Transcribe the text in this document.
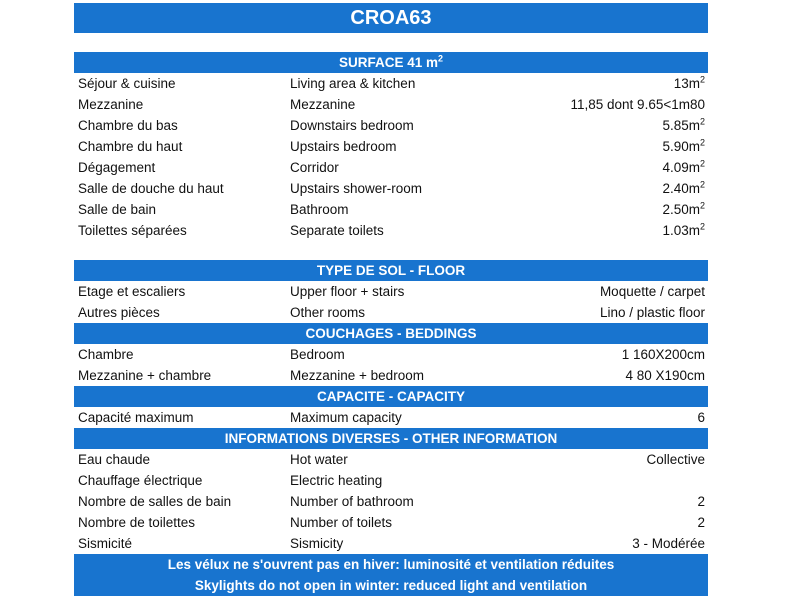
CROA63
SURFACE 41 $m^2$
Séjour & cuisine	Living area & kitchen	$13m^2$
Mezzanine	Mezzanine	11,85 dont 9.65<1m80
Chambre du bas	Downstairs bedroom	$5.85m^2$
Chambre du haut	Upstairs bedroom	$5.90m^2$
Dégagement	Corridor	$4.09m^2$
Salle de douche du haut	Upstairs shower-room	$2.40m^2$
Salle de bain	Bathroom	$2.50m^2$
Toilettes séparées	Separate toilets	$1.03m^2$
TYPE DE SOL - FLOOR
Etage et escaliers	Upper floor + stairs	Moquette / carpet
Autres pièces	Other rooms	Lino / plastic floor
COUCHAGES - BEDDINGS
Chambre	Bedroom	1 160X200cm
Mezzanine + chambre	Mezzanine + bedroom	4 80 X190cm
CAPACITE - CAPACITY
Capacité maximum	Maximum capacity	6
INFORMATIONS DIVERSES - OTHER INFORMATION
Eau chaude	Hot water	Collective
Chauffage électrique	Electric heating
Nombre de salles de bain	Number of bathroom	2
Nombre de toilettes	Number of toilets	2
Sismicité	Sismicity	3 - Modérée
Les vélux ne s'ouvrent pas en hiver: luminosité et ventilation réduites
Skylights do not open in winter: reduced light and ventilation
